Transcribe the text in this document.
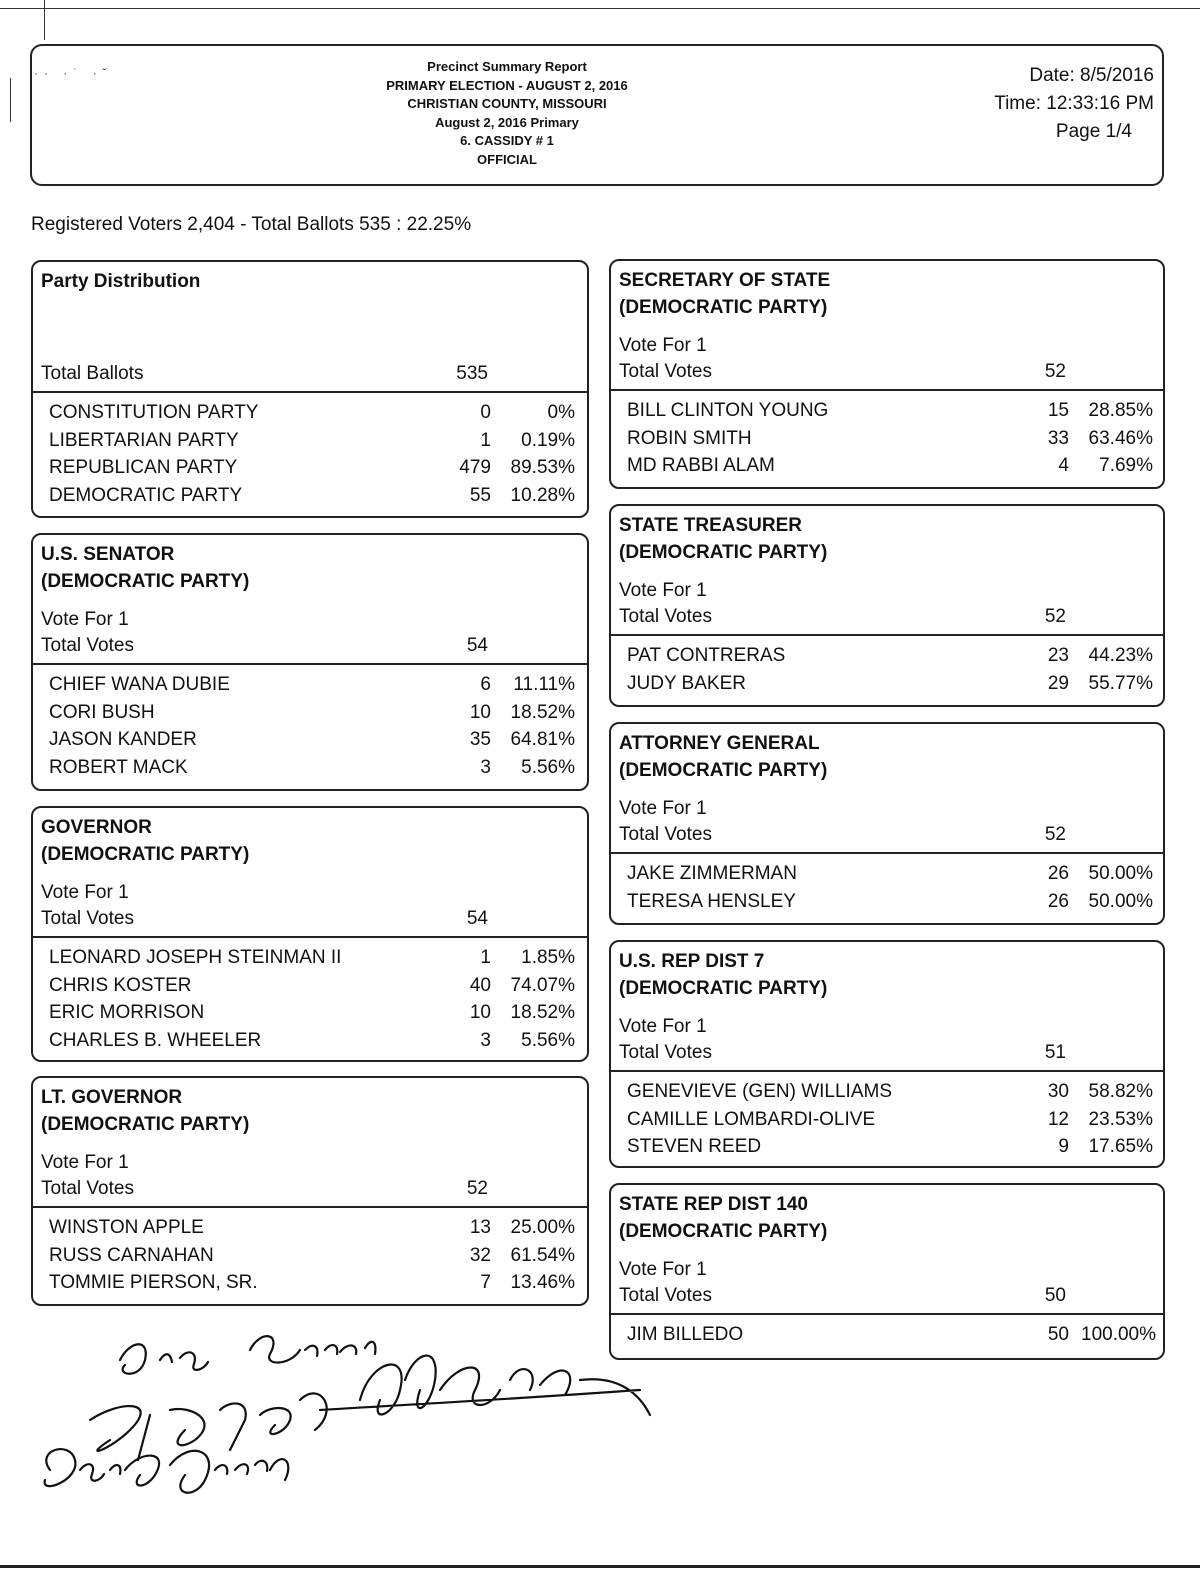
·· ·˙ ·˘	Precinct Summary Report
PRIMARY ELECTION - AUGUST 2, 2016
CHRISTIAN COUNTY, MISSOURI
August 2, 2016 Primary
6. CASSIDY # 1
OFFICIAL
Date: 8/5/2016
Time: 12:33:16 PM
Page 1/4
Registered Voters 2,404 - Total Ballots 535 : 22.25%
Party Distribution
Total Ballots	535
CONSTITUTION PARTY	0	0%
LIBERTARIAN PARTY	1	0.19%
REPUBLICAN PARTY	479	89.53%
DEMOCRATIC PARTY	55	10.28%
U.S. SENATOR
(DEMOCRATIC PARTY)
Vote For 1
Total Votes	54
CHIEF WANA DUBIE	6	11.11%
CORI BUSH	10	18.52%
JASON KANDER	35	64.81%
ROBERT MACK	3	5.56%
GOVERNOR
(DEMOCRATIC PARTY)
Vote For 1
Total Votes	54
LEONARD JOSEPH STEINMAN II	1	1.85%
CHRIS KOSTER	40	74.07%
ERIC MORRISON	10	18.52%
CHARLES B. WHEELER	3	5.56%
LT. GOVERNOR
(DEMOCRATIC PARTY)
Vote For 1
Total Votes	52
WINSTON APPLE	13	25.00%
RUSS CARNAHAN	32	61.54%
TOMMIE PIERSON, SR.	7	13.46%
SECRETARY OF STATE
(DEMOCRATIC PARTY)
Vote For 1
Total Votes	52
BILL CLINTON YOUNG	15	28.85%
ROBIN SMITH	33	63.46%
MD RABBI ALAM	4	7.69%
STATE TREASURER
(DEMOCRATIC PARTY)
Vote For 1
Total Votes	52
PAT CONTRERAS	23	44.23%
JUDY BAKER	29	55.77%
ATTORNEY GENERAL
(DEMOCRATIC PARTY)
Vote For 1
Total Votes	52
JAKE ZIMMERMAN	26	50.00%
TERESA HENSLEY	26	50.00%
U.S. REP DIST 7
(DEMOCRATIC PARTY)
Vote For 1
Total Votes	51
GENEVIEVE (GEN) WILLIAMS	30	58.82%
CAMILLE LOMBARDI-OLIVE	12	23.53%
STEVEN REED	9	17.65%
STATE REP DIST 140
(DEMOCRATIC PARTY)
Vote For 1
Total Votes	50
JIM BILLEDO	50 100.00%
